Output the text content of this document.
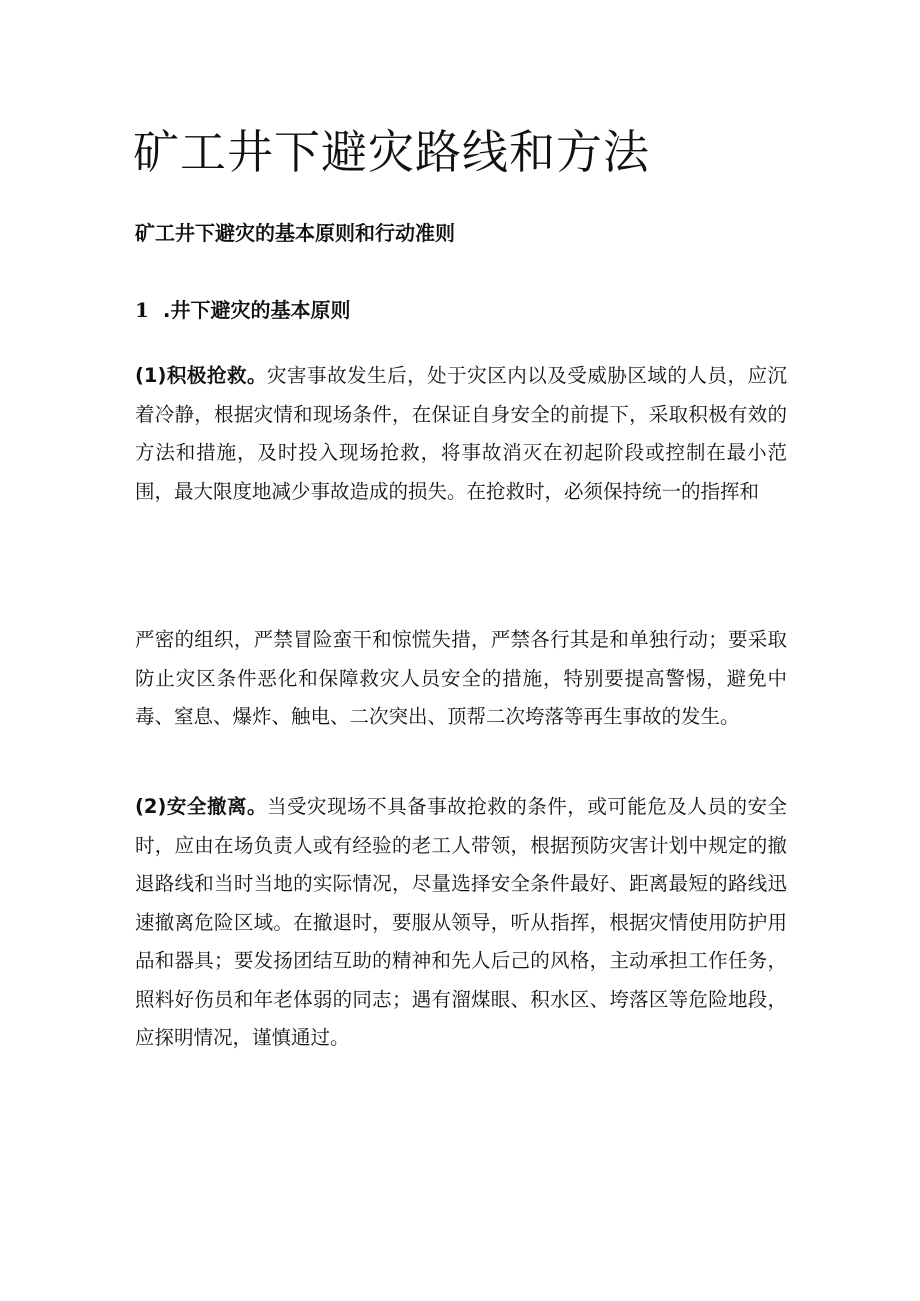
矿工井下避灾路线和方法
矿工井下避灾的基本原则和行动准则
1 .井下避灾的基本原则

(1)积极抢救。灾害事故发生后，处于灾区内以及受威胁区域的人员，应沉着冷静，根据灾情和现场条件，在保证自身安全的前提下，采取积极有效的方法和措施，及时投入现场抢救，将事故消灭在初起阶段或控制在最小范围，最大限度地减少事故造成的损失。在抢救时，必须保持统一的指挥和

严密的组织，严禁冒险蛮干和惊慌失措，严禁各行其是和单独行动；要采取防止灾区条件恶化和保障救灾人员安全的措施，特别要提高警惕，避免中毒、窒息、爆炸、触电、二次突出、顶帮二次垮落等再生事故的发生。

(2)安全撤离。当受灾现场不具备事故抢救的条件，或可能危及人员的安全时，应由在场负责人或有经验的老工人带领，根据预防灾害计划中规定的撤退路线和当时当地的实际情况，尽量选择安全条件最好、距离最短的路线迅速撤离危险区域。在撤退时，要服从领导，听从指挥，根据灾情使用防护用品和器具；要发扬团结互助的精神和先人后己的风格，主动承担工作任务，照料好伤员和年老体弱的同志；遇有溜煤眼、积水区、垮落区等危险地段，应探明情况，谨慎通过。
